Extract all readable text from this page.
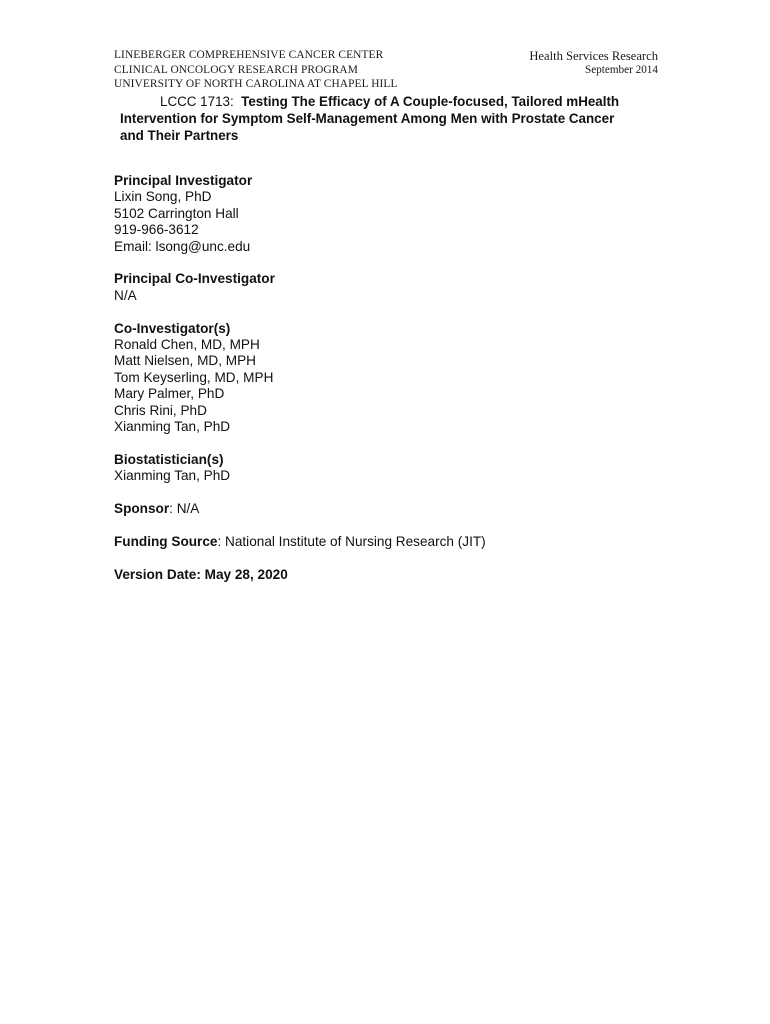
LINEBERGER COMPREHENSIVE CANCER CENTER
CLINICAL ONCOLOGY RESEARCH PROGRAM
UNIVERSITY OF NORTH CAROLINA AT CHAPEL HILL
Health Services Research
September 2014
LCCC 1713: Testing The Efficacy of A Couple-focused, Tailored mHealth
Intervention for Symptom Self-Management Among Men with Prostate Cancer
and Their Partners
Principal Investigator
Lixin Song, PhD
5102 Carrington Hall
919-966-3612
Email: lsong@unc.edu
Principal Co-Investigator
N/A
Co-Investigator(s)
Ronald Chen, MD, MPH
Matt Nielsen, MD, MPH
Tom Keyserling, MD, MPH
Mary Palmer, PhD
Chris Rini, PhD
Xianming Tan, PhD
Biostatistician(s)
Xianming Tan, PhD
Sponsor: N/A
Funding Source: National Institute of Nursing Research (JIT)
Version Date: May 28, 2020
